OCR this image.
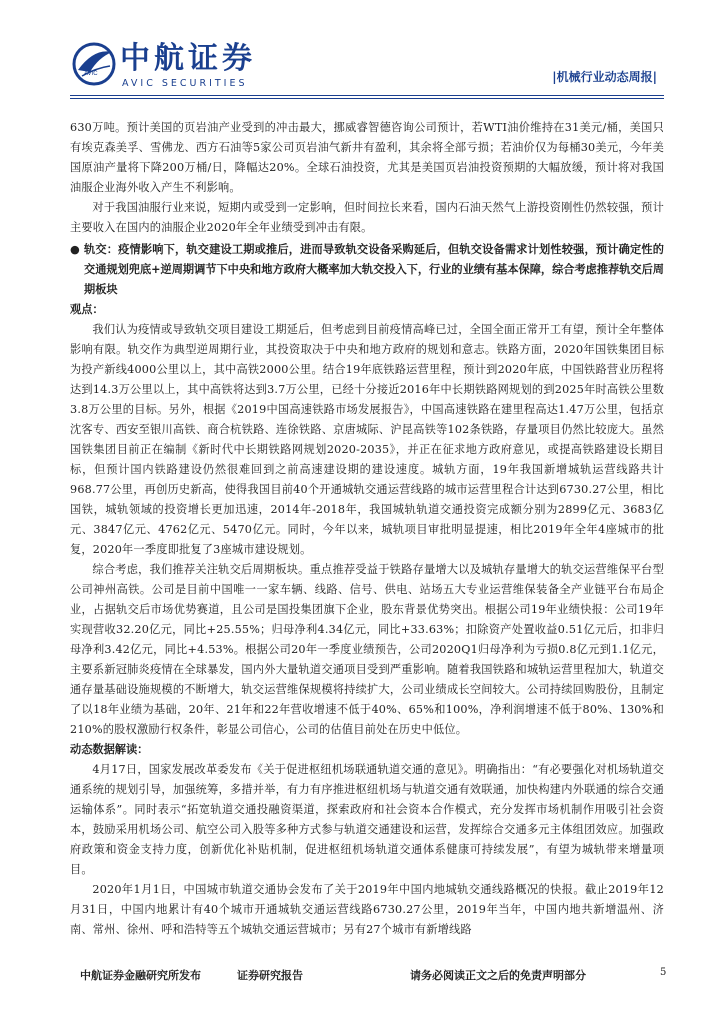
AVIC 中航证券
AVIC SECURITIES	|机械行业动态周报|

630万吨。预计美国的页岩油产业受到的冲击最大，挪威睿智德咨询公司预计，若WTI油价维持在31美元/桶，美国只有埃克森美孚、雪佛龙、西方石油等5家公司页岩油气新井有盈利，其余将全部亏损；若油价仅为每桶30美元，今年美国原油产量将下降200万桶/日，降幅达20%。全球石油投资，尤其是美国页岩油投资预期的大幅放缓，预计将对我国油服企业海外收入产生不利影响。

对于我国油服行业来说，短期内或受到一定影响，但时间拉长来看，国内石油天然气上游投资刚性仍然较强，预计主要收入在国内的油服企业2020年全年业绩受到冲击有限。

● 轨交：疫情影响下，轨交建设工期或推后，进而导致轨交设备采购延后，但轨交设备需求计划性较强，预计确定性的交通规划兜底+逆周期调节下中央和地方政府大概率加大轨交投入下，行业的业绩有基本保障，综合考虑推荐轨交后周期板块

观点：

我们认为疫情或导致轨交项目建设工期延后，但考虑到目前疫情高峰已过，全国全面正常开工有望，预计全年整体影响有限。轨交作为典型逆周期行业，其投资取决于中央和地方政府的规划和意志。铁路方面，2020年国铁集团目标为投产新线4000公里以上，其中高铁2000公里。结合19年底铁路运营里程，预计到2020年底，中国铁路营业历程将达到14.3万公里以上，其中高铁将达到3.7万公里，已经十分接近2016年中长期铁路网规划的到2025年时高铁公里数3.8万公里的目标。另外，根据《2019中国高速铁路市场发展报告》，中国高速铁路在建里程高达1.47万公里，包括京沈客专、西安至银川高铁、商合杭铁路、连徐铁路、京唐城际、沪昆高铁等102条铁路，存量项目仍然比较庞大。虽然国铁集团目前正在编制《新时代中长期铁路网规划2020-2035》，并正在征求地方政府意见，或提高铁路建设长期目标，但预计国内铁路建设仍然很难回到之前高速建设期的建设速度。城轨方面，19年我国新增城轨运营线路共计968.77公里，再创历史新高，使得我国目前40个开通城轨交通运营线路的城市运营里程合计达到6730.27公里，相比国铁，城轨领域的投资增长更加迅速，2014年-2018年，我国城轨轨道交通投资完成额分别为2899亿元、3683亿元、3847亿元、4762亿元、5470亿元。同时，今年以来，城轨项目审批明显提速，相比2019年全年4座城市的批复，2020年一季度即批复了3座城市建设规划。

综合考虑，我们推荐关注轨交后周期板块。重点推荐受益于铁路存量增大以及城轨存量增大的轨交运营维保平台型公司神州高铁。公司是目前中国唯一一家车辆、线路、信号、供电、站场五大专业运营维保装备全产业链平台布局企业，占据轨交后市场优势赛道，且公司是国投集团旗下企业，股东背景优势突出。根据公司19年业绩快报：公司19年实现营收32.20亿元，同比+25.55%；归母净利4.34亿元，同比+33.63%；扣除资产处置收益0.51亿元后，扣非归母净利3.42亿元，同比+4.53%。根据公司20年一季度业绩预告，公司2020Q1归母净利为亏损0.8亿元到1.1亿元，主要系新冠肺炎疫情在全球暴发，国内外大量轨道交通项目受到严重影响。随着我国铁路和城轨运营里程加大，轨道交通存量基础设施规模的不断增大，轨交运营维保规模将持续扩大，公司业绩成长空间较大。公司持续回购股份，且制定了以18年业绩为基础，20年、21年和22年营收增速不低于40%、65%和100%，净利润增速不低于80%、130%和210%的股权激励行权条件，彰显公司信心，公司的估值目前处在历史中低位。

动态数据解读：

4月17日，国家发展改革委发布《关于促进枢纽机场联通轨道交通的意见》。明确指出：“有必要强化对机场轨道交通系统的规划引导，加强统筹，多措并举，有力有序推进枢纽机场与轨道交通有效联通，加快构建内外联通的综合交通运输体系”。同时表示“拓宽轨道交通投融资渠道，探索政府和社会资本合作模式，充分发挥市场机制作用吸引社会资本，鼓励采用机场公司、航空公司入股等多种方式参与轨道交通建设和运营，发挥综合交通多元主体组团效应。加强政府政策和资金支持力度，创新优化补贴机制，促进枢纽机场轨道交通体系健康可持续发展”，有望为城轨带来增量项目。

2020年1月1日，中国城市轨道交通协会发布了关于2019年中国内地城轨交通线路概况的快报。截止2019年12月31日，中国内地累计有40个城市开通城轨交通运营线路6730.27公里，2019年当年，中国内地共新增温州、济南、常州、徐州、呼和浩特等五个城轨交通运营城市；另有27个城市有新增线路

中航证券金融研究所发布	证券研究报告	请务必阅读正文之后的免责声明部分	5
